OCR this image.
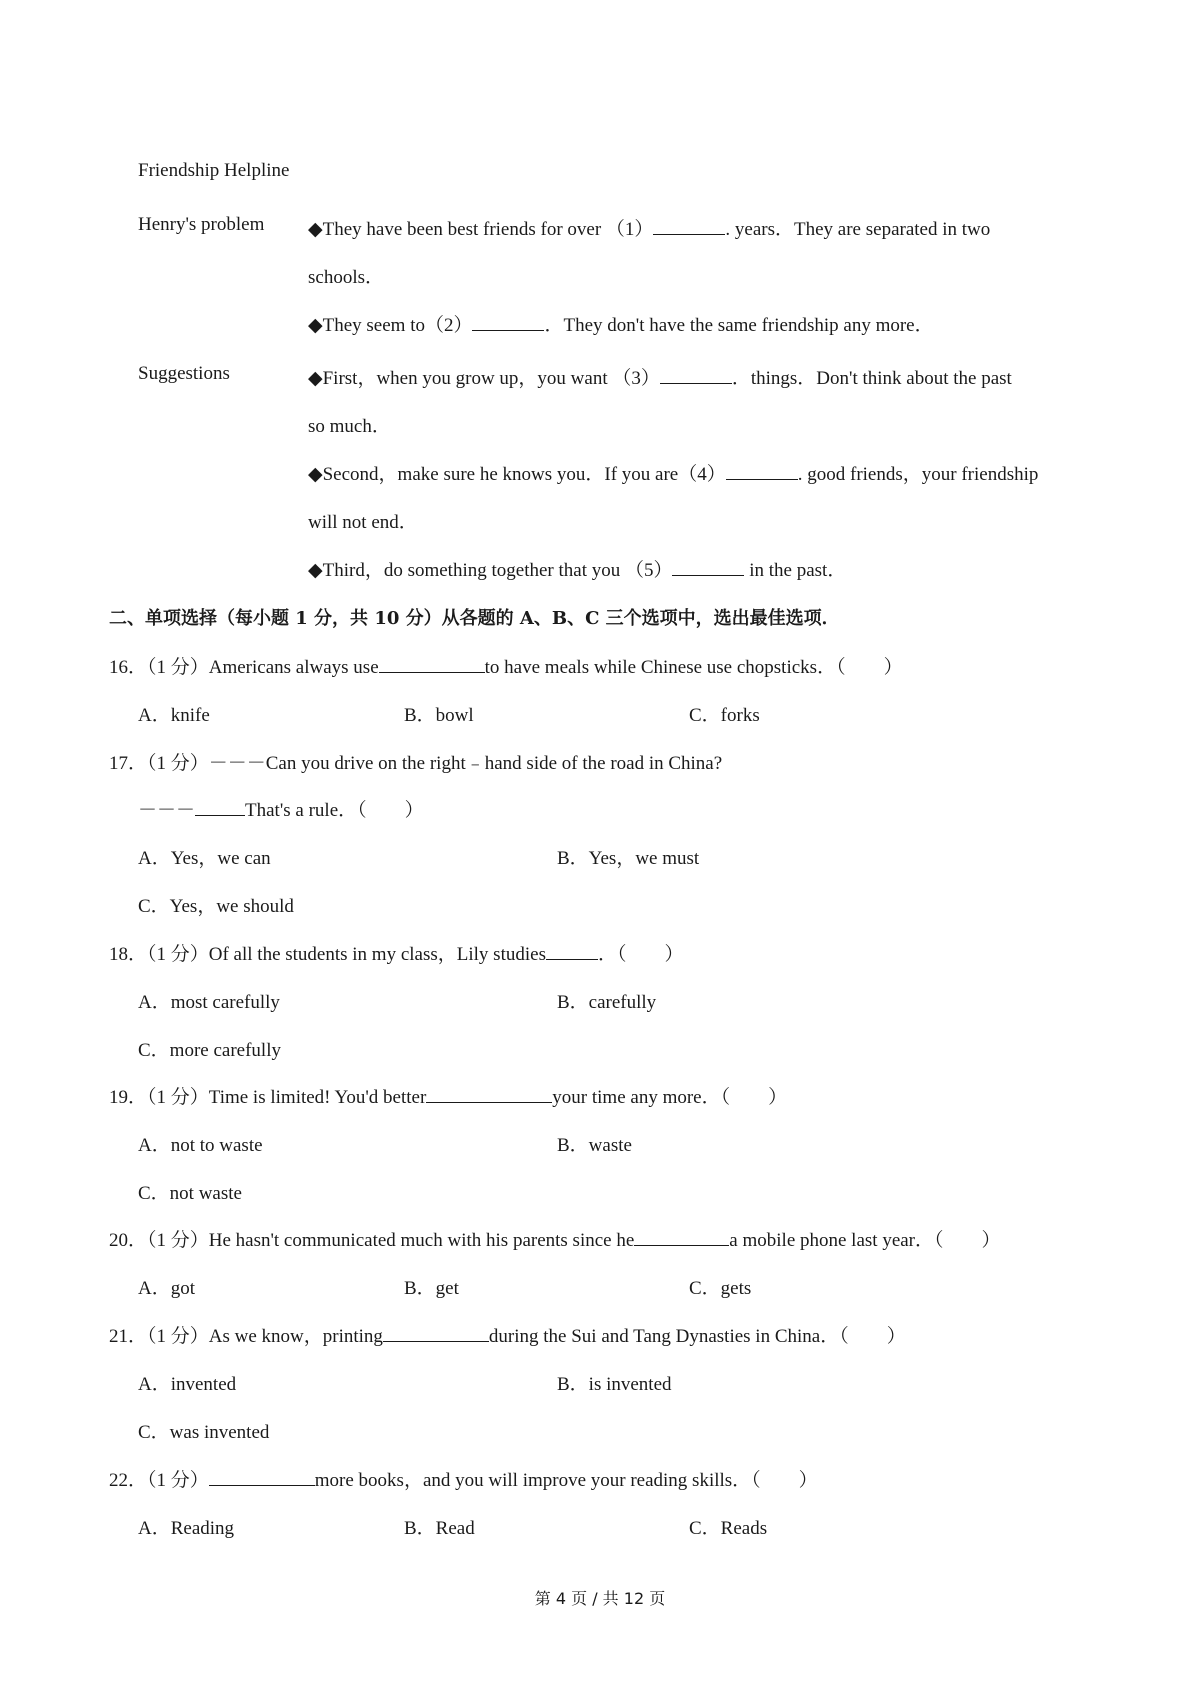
Friendship Helpline
Henry's problem ◆They have been best friends for over （1）	. years．They are separated in two
schools．
◆They seem to（2）	．They don't have the same friendship any more．
Suggestions	◆First，when you grow up，you want （3）	．things．Don't think about the past
so much．
◆Second，make sure he knows you．If you are（4）	. good friends，your friendship
will not end．
◆Third，do something together that you （5）	in the past．
二、单项选择（每小题 1 分，共 10 分）从各题的 A、B、C 三个选项中，选出最佳选项．
16．（1 分）Americans always use	to have meals while Chinese use chopsticks．（　　）
A．knife	B．bowl	C．forks
17．（1 分）－－－Can you drive on the right﹣hand side of the road in China?
－－－	That's a rule．（　　）
A．Yes，we can	B．Yes，we must
C．Yes，we should
18．（1 分）Of all the students in my class，Lily studies	．（　　）
A．most carefully	B．carefully
C．more carefully
19．（1 分）Time is limited! You'd better	your time any more．（　　）
A．not to waste	B．waste
C．not waste
20．（1 分）He hasn't communicated much with his parents since he	a mobile phone last year．（　　）
A．got	B．get	C．gets
21．（1 分）As we know，printing	during the Sui and Tang Dynasties in China．（　　）
A．invented	B．is invented
C．was invented
22．（1 分）	more books，and you will improve your reading skills．（　　）
A．Reading	B．Read	C．Reads
第 4 页 / 共 12 页
